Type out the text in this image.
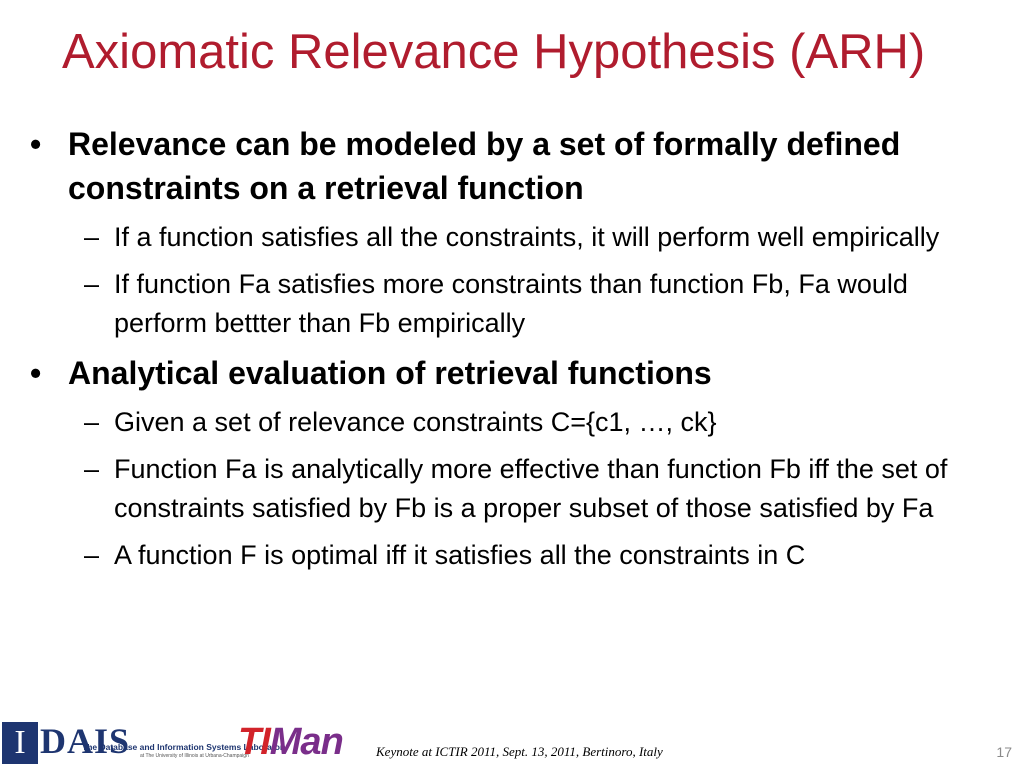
Axiomatic Relevance Hypothesis (ARH)
• Relevance can be modeled by a set of formally defined constraints on a retrieval function
– If a function satisfies all the constraints, it will perform well empirically
– If function Fa satisfies more constraints than function Fb, Fa would perform bettter than Fb empirically
• Analytical evaluation of retrieval functions
– Given a set of relevance constraints C={c1, …, ck}
– Function Fa is analytically more effective than function Fb iff the set of constraints satisfied by Fb is a proper subset of those satisfied by Fa
– A function F is optimal iff it satisfies all the constraints in C
I DAIS
The Database and Information Systems Laboratory
at The University of Illinois at Urbana-Champaign
TIMan	Keynote at ICTIR 2011, Sept. 13, 2011, Bertinoro, Italy	17
